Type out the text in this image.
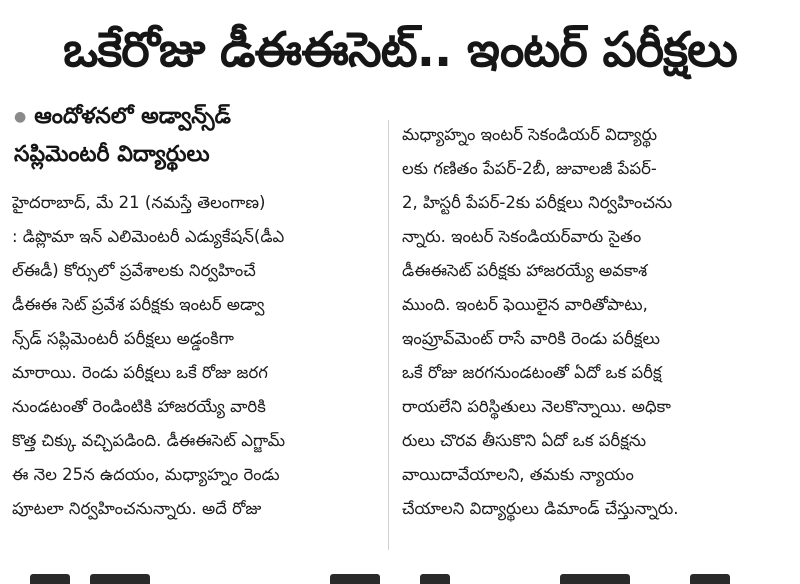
ఒకేరోజు డీఈఈసెట్.. ఇంటర్ పరీక్షలు
● ఆందోళనలో అడ్వాన్స్‌డ్
సప్లిమెంటరీ విద్యార్థులు
హైదరాబాద్, మే 21 (నమస్తే తెలంగాణ)
: డిప్లొమా ఇన్ ఎలిమెంటరీ ఎడ్యుకేషన్(డీఎ
ల్‌ఈడీ) కోర్సులో ప్రవేశాలకు నిర్వహించే
డీఈఈ సెట్ ప్రవేశ పరీక్షకు ఇంటర్ అడ్వా
న్స్‌డ్ సప్లిమెంటరీ పరీక్షలు అడ్డంకిగా
మారాయి. రెండు పరీక్షలు ఒకే రోజు జరగ
నుండటంతో రెండింటికి హాజరయ్యే వారికి
కొత్త చిక్కు వచ్చిపడింది. డీఈఈసెట్ ఎగ్జామ్
ఈ నెల 25న ఉదయం, మధ్యాహ్నం రెండు
పూటలా నిర్వహించనున్నారు. అదే రోజు
మధ్యాహ్నం ఇంటర్ సెకండియర్ విద్యార్థు
లకు గణితం పేపర్-2బీ, జువాలజీ పేపర్-
2, హిస్టరీ పేపర్-2కు పరీక్షలు నిర్వహించను
న్నారు. ఇంటర్ సెకండియర్‌వారు సైతం
డీఈఈసెట్ పరీక్షకు హాజరయ్యే అవకాశ
ముంది. ఇంటర్ ఫెయిలైన వారితోపాటు,
ఇంప్రూవ్‌మెంట్ రాసే వారికి రెండు పరీక్షలు
ఒకే రోజు జరగనుండటంతో ఏదో ఒక పరీక్ష
రాయలేని పరిస్థితులు నెలకొన్నాయి. అధికా
రులు చొరవ తీసుకొని ఏదో ఒక పరీక్షను
వాయిదావేయాలని, తమకు న్యాయం
చేయాలని విద్యార్థులు డిమాండ్ చేస్తున్నారు.
